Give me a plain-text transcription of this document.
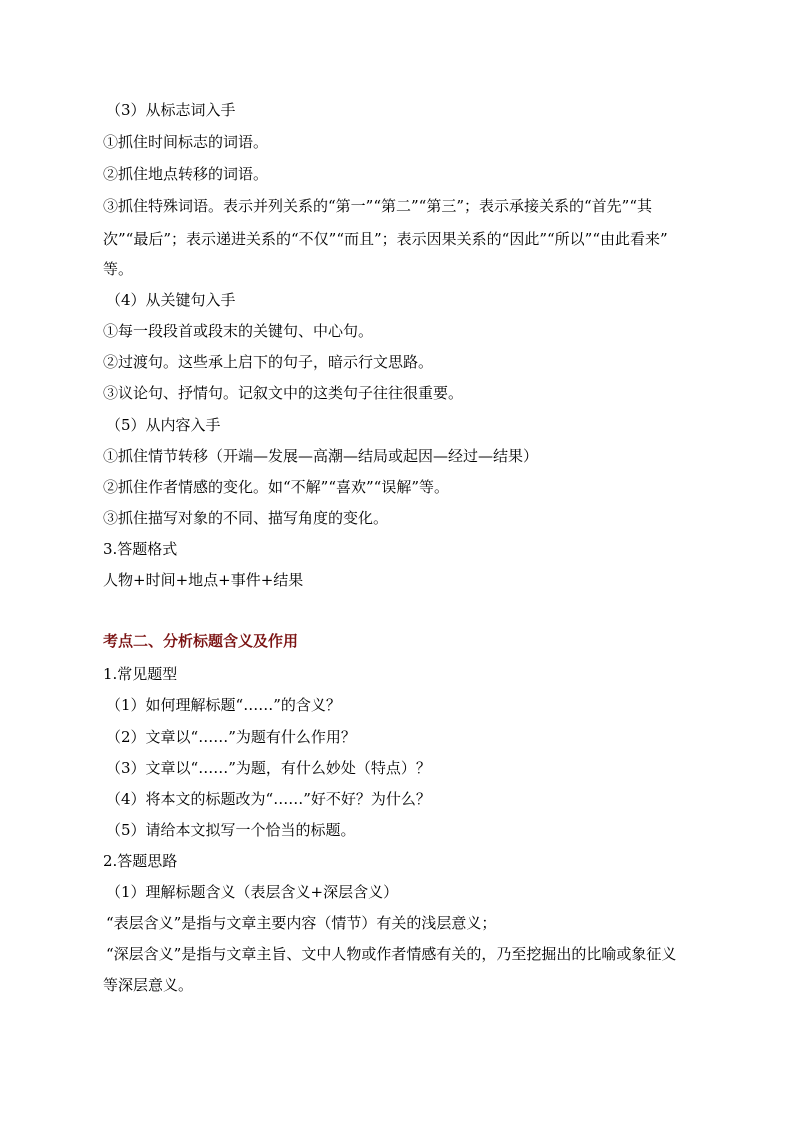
（3）从标志词入手
①抓住时间标志的词语。
②抓住地点转移的词语。
③抓住特殊词语。表示并列关系的“第一”“第二”“第三”；表示承接关系的“首先”“其
次”“最后”；表示递进关系的“不仅”“而且”；表示因果关系的“因此”“所以”“由此看来”
等。
（4）从关键句入手
①每一段段首或段末的关键句、中心句。
②过渡句。这些承上启下的句子，暗示行文思路。
③议论句、抒情句。记叙文中的这类句子往往很重要。
（5）从内容入手
①抓住情节转移（开端—发展—高潮—结局或起因—经过—结果）
②抓住作者情感的变化。如“不解”“喜欢”“误解”等。
③抓住描写对象的不同、描写角度的变化。
3.答题格式
人物+时间+地点+事件+结果
考点二、分析标题含义及作用
1.常见题型
（1）如何理解标题“……”的含义？
（2）文章以“……”为题有什么作用？
（3）文章以“……”为题，有什么妙处（特点）？
（4）将本文的标题改为“……”好不好？为什么？
（5）请给本文拟写一个恰当的标题。
2.答题思路
（1）理解标题含义（表层含义+深层含义）
“表层含义”是指与文章主要内容（情节）有关的浅层意义；
“深层含义”是指与文章主旨、文中人物或作者情感有关的，乃至挖掘出的比喻或象征义
等深层意义。
